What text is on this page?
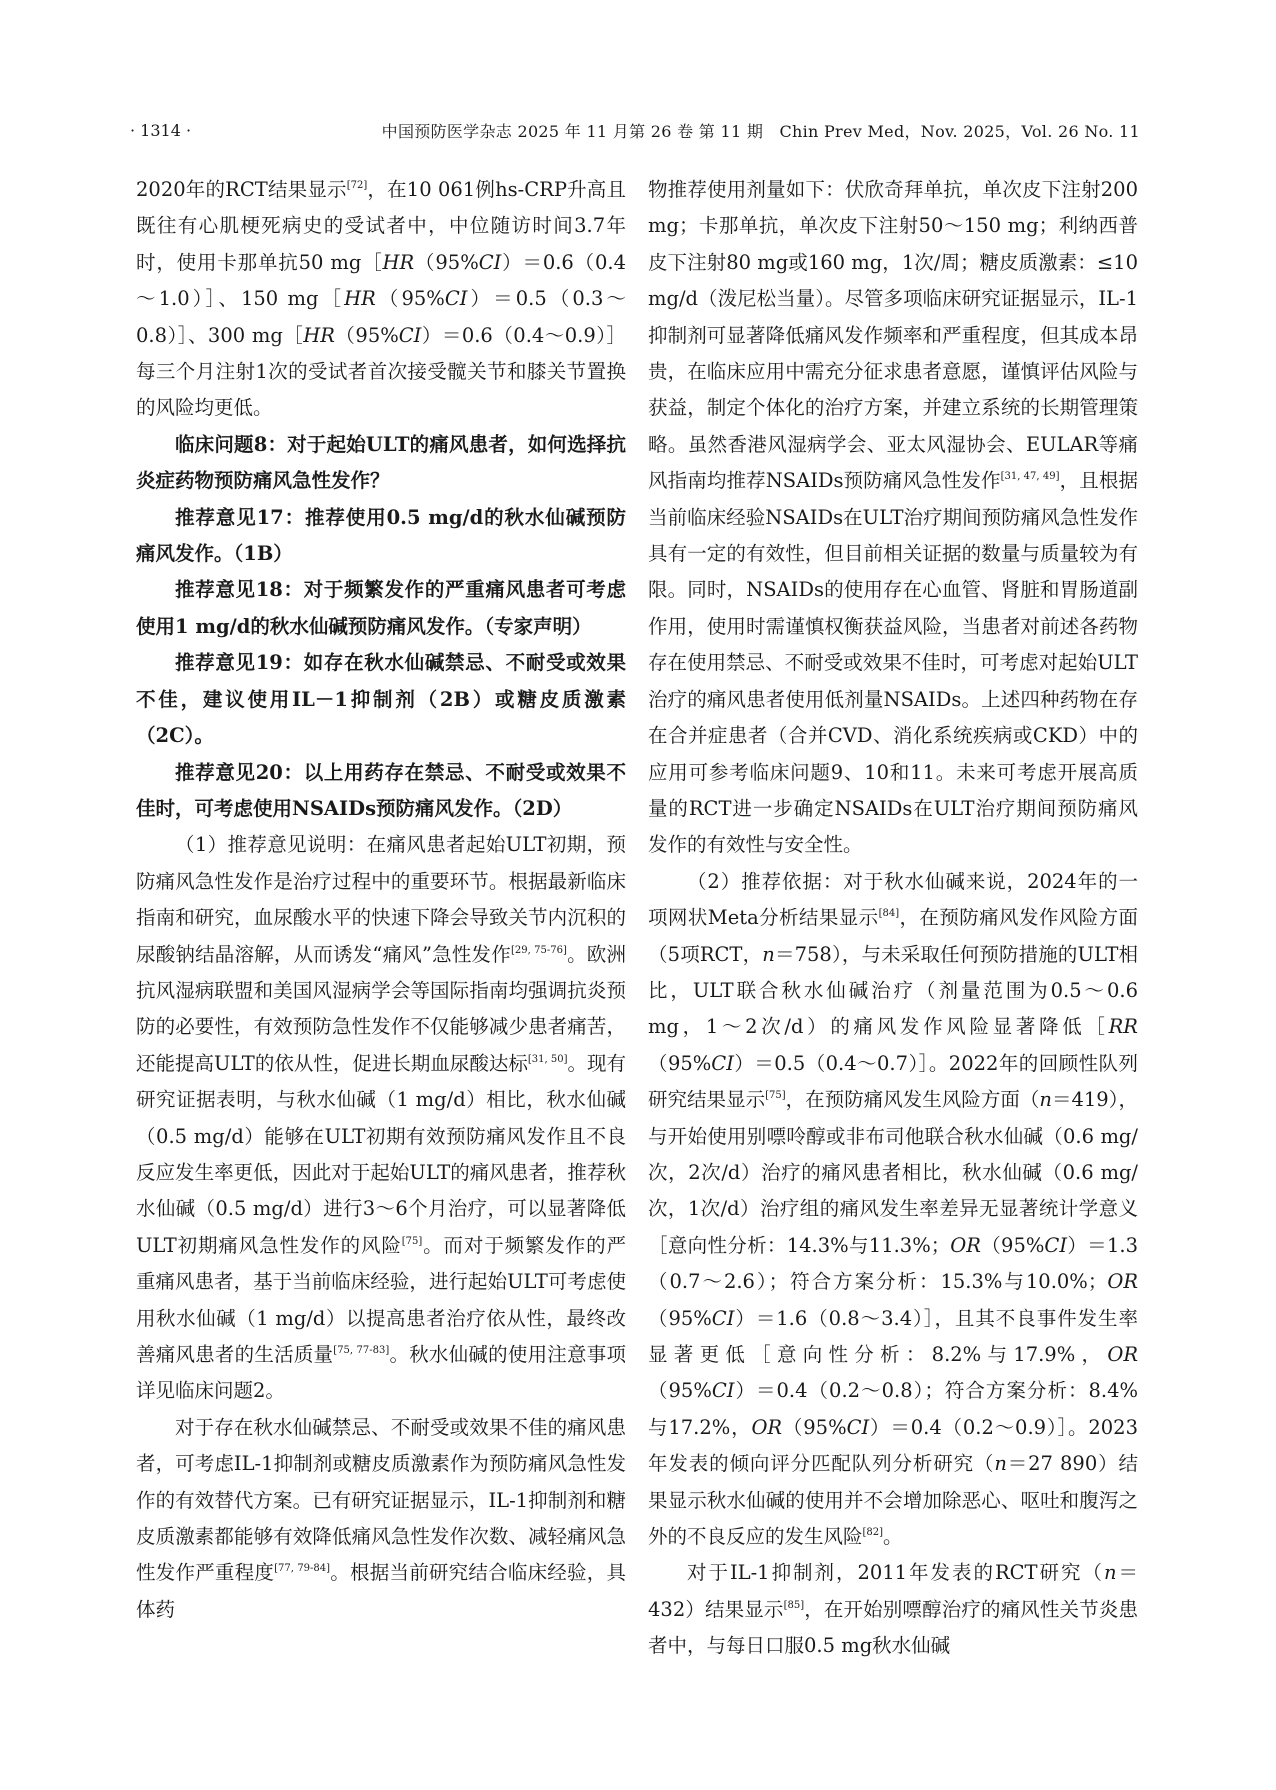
· 1314 ·	中国预防医学杂志 2025 年 11 月第 26 卷 第 11 期　Chin Prev Med，Nov. 2025，Vol. 26 No. 11

2020年的RCT结果显示[72]，在10 061例hs-CRP升高且既往有心肌梗死病史的受试者中，中位随访时间3.7年时，使用卡那单抗50 mg［HR（95%CI）＝0.6（0.4～1.0）］、150 mg［HR（95%CI）＝0.5（0.3～0.8）］、300 mg［HR（95%CI）＝0.6（0.4～0.9）］每三个月注射1次的受试者首次接受髋关节和膝关节置换的风险均更低。

临床问题8：对于起始ULT的痛风患者，如何选择抗炎症药物预防痛风急性发作？

推荐意见17：推荐使用0.5 mg/d的秋水仙碱预防痛风发作。（1B）

推荐意见18：对于频繁发作的严重痛风患者可考虑使用1 mg/d的秋水仙碱预防痛风发作。（专家声明）

推荐意见19：如存在秋水仙碱禁忌、不耐受或效果不佳，建议使用IL－1抑制剂（2B）或糖皮质激素（2C）。

推荐意见20：以上用药存在禁忌、不耐受或效果不佳时，可考虑使用NSAIDs预防痛风发作。（2D）

（1）推荐意见说明：在痛风患者起始ULT初期，预防痛风急性发作是治疗过程中的重要环节。根据最新临床指南和研究，血尿酸水平的快速下降会导致关节内沉积的尿酸钠结晶溶解，从而诱发“痛风”急性发作[29, 75-76]。欧洲抗风湿病联盟和美国风湿病学会等国际指南均强调抗炎预防的必要性，有效预防急性发作不仅能够减少患者痛苦，还能提高ULT的依从性，促进长期血尿酸达标[31, 50]。现有研究证据表明，与秋水仙碱（1 mg/d）相比，秋水仙碱（0.5 mg/d）能够在ULT初期有效预防痛风发作且不良反应发生率更低，因此对于起始ULT的痛风患者，推荐秋水仙碱（0.5 mg/d）进行3～6个月治疗，可以显著降低ULT初期痛风急性发作的风险[75]。而对于频繁发作的严重痛风患者，基于当前临床经验，进行起始ULT可考虑使用秋水仙碱（1 mg/d）以提高患者治疗依从性，最终改善痛风患者的生活质量[75, 77-83]。秋水仙碱的使用注意事项详见临床问题2。

对于存在秋水仙碱禁忌、不耐受或效果不佳的痛风患者，可考虑IL-1抑制剂或糖皮质激素作为预防痛风急性发作的有效替代方案。已有研究证据显示，IL-1抑制剂和糖皮质激素都能够有效降低痛风急性发作次数、减轻痛风急性发作严重程度[77, 79-84]。根据当前研究结合临床经验，具体药

物推荐使用剂量如下：伏欣奇拜单抗，单次皮下注射200 mg；卡那单抗，单次皮下注射50～150 mg；利纳西普皮下注射80 mg或160 mg，1次/周；糖皮质激素：≤10 mg/d（泼尼松当量）。尽管多项临床研究证据显示，IL-1抑制剂可显著降低痛风发作频率和严重程度，但其成本昂贵，在临床应用中需充分征求患者意愿，谨慎评估风险与获益，制定个体化的治疗方案，并建立系统的长期管理策略。虽然香港风湿病学会、亚太风湿协会、EULAR等痛风指南均推荐NSAIDs预防痛风急性发作[31, 47, 49]，且根据当前临床经验NSAIDs在ULT治疗期间预防痛风急性发作具有一定的有效性，但目前相关证据的数量与质量较为有限。同时，NSAIDs的使用存在心血管、肾脏和胃肠道副作用，使用时需谨慎权衡获益风险，当患者对前述各药物存在使用禁忌、不耐受或效果不佳时，可考虑对起始ULT治疗的痛风患者使用低剂量NSAIDs。上述四种药物在存在合并症患者（合并CVD、消化系统疾病或CKD）中的应用可参考临床问题9、10和11。未来可考虑开展高质量的RCT进一步确定NSAIDs在ULT治疗期间预防痛风发作的有效性与安全性。

（2）推荐依据：对于秋水仙碱来说，2024年的一项网状Meta分析结果显示[84]，在预防痛风发作风险方面（5项RCT，n＝758），与未采取任何预防措施的ULT相比，ULT联合秋水仙碱治疗（剂量范围为0.5～0.6 mg，1～2次/d）的痛风发作风险显著降低［RR（95%CI）＝0.5（0.4～0.7）］。2022年的回顾性队列研究结果显示[75]，在预防痛风发生风险方面（n＝419），与开始使用别嘌呤醇或非布司他联合秋水仙碱（0.6 mg/次，2次/d）治疗的痛风患者相比，秋水仙碱（0.6 mg/次，1次/d）治疗组的痛风发生率差异无显著统计学意义［意向性分析：14.3%与11.3%；OR（95%CI）＝1.3（0.7～2.6）；符合方案分析：15.3%与10.0%；OR（95%CI）＝1.6（0.8～3.4）］，且其不良事件发生率显著更低［意向性分析：8.2%与17.9%，OR（95%CI）＝0.4（0.2～0.8）；符合方案分析：8.4%与17.2%，OR（95%CI）＝0.4（0.2～0.9）］。2023年发表的倾向评分匹配队列分析研究（n＝27 890）结果显示秋水仙碱的使用并不会增加除恶心、呕吐和腹泻之外的不良反应的发生风险[82]。

对于IL-1抑制剂，2011年发表的RCT研究（n＝432）结果显示[85]，在开始别嘌醇治疗的痛风性关节炎患者中，与每日口服0.5 mg秋水仙碱
